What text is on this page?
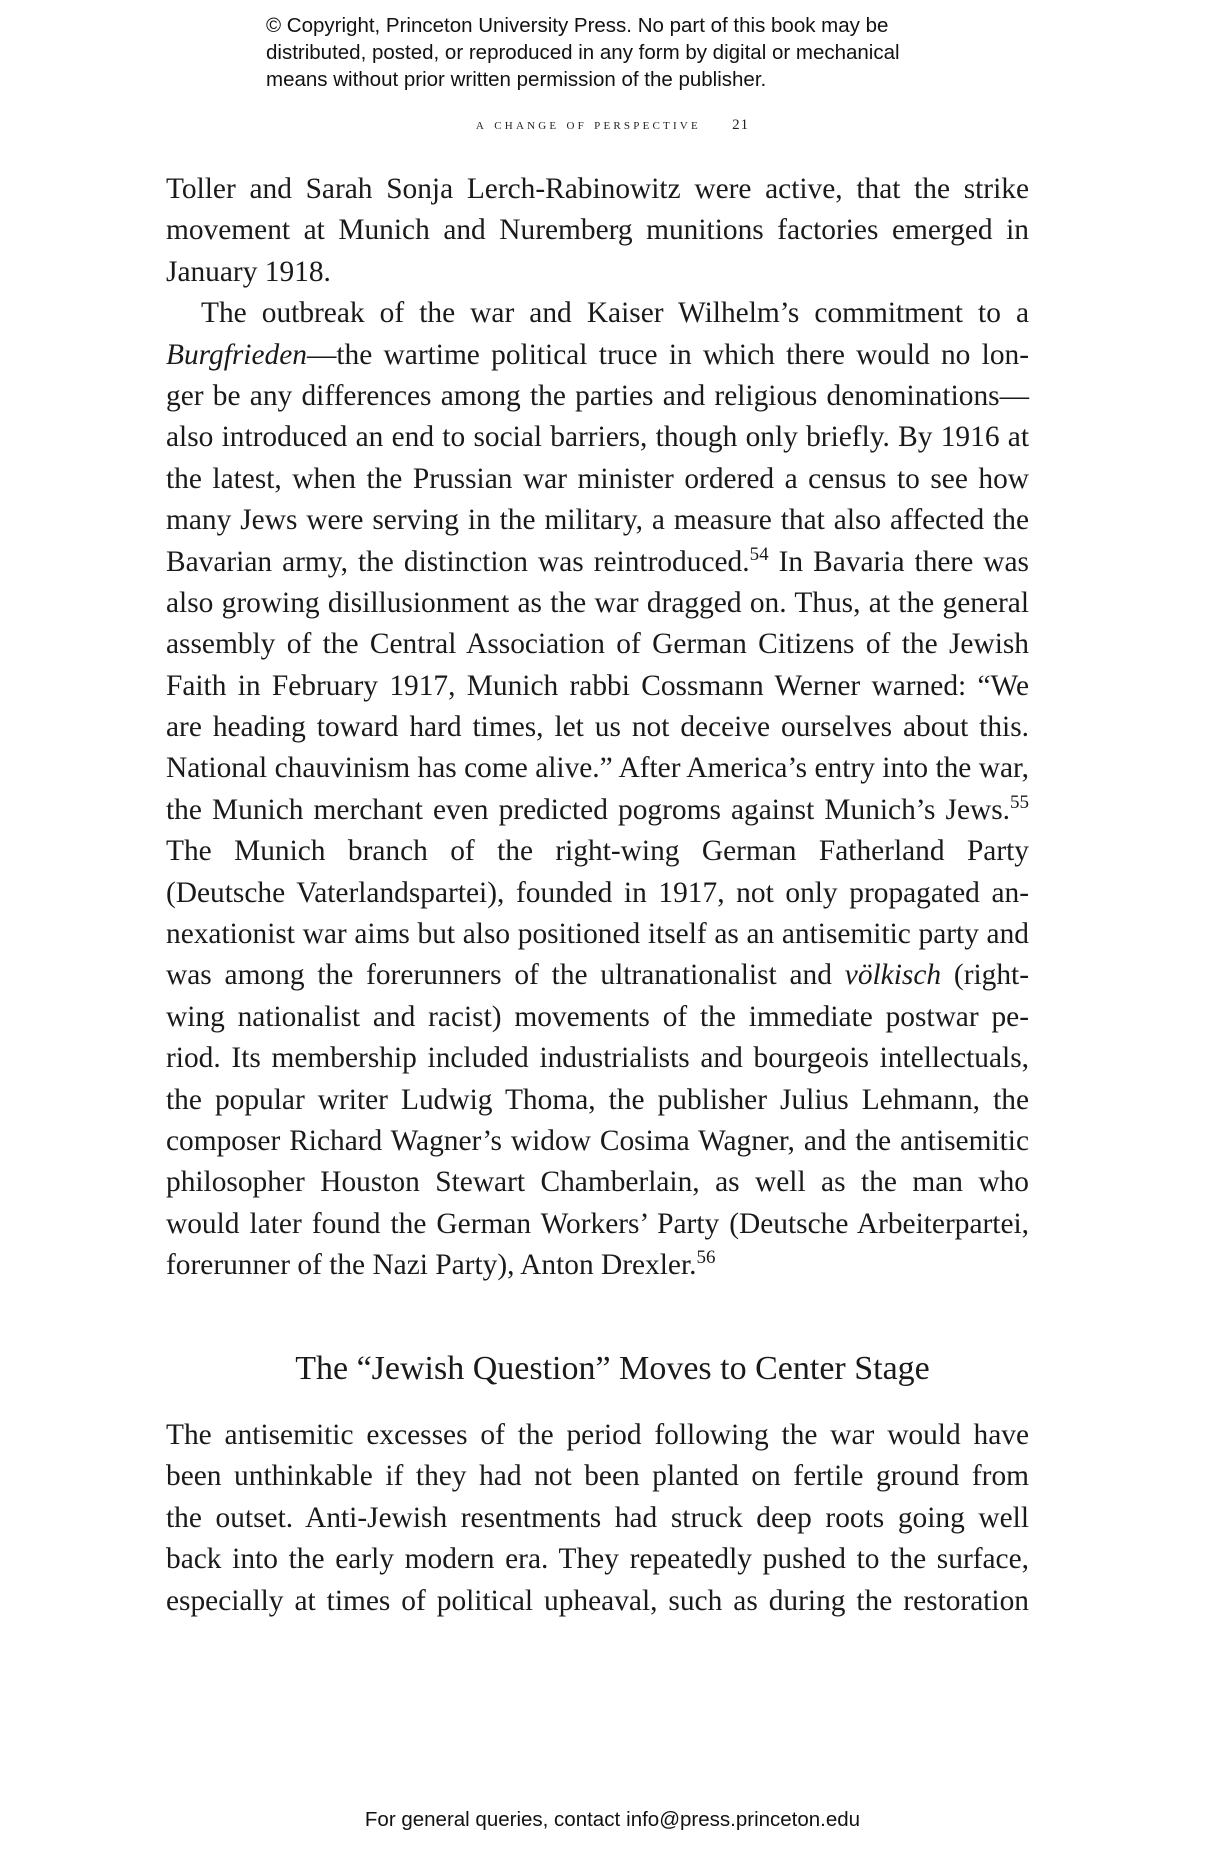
© Copyright, Princeton University Press. No part of this book may be
distributed, posted, or reproduced in any form by digital or mechanical
means without prior written permission of the publisher.
a change of perspective 21
Toller and Sarah Sonja Lerch-Rabinowitz were active, that the strike
movement at Munich and Nuremberg munitions factories emerged in
January 1918.
The outbreak of the war and Kaiser Wilhelm’s commitment to a
Burgfrieden—the wartime political truce in which there would no lon-
ger be any differences among the parties and religious denominations—
also introduced an end to social barriers, though only briefly. By 1916 at
the latest, when the Prussian war minister ordered a census to see how
many Jews were serving in the military, a measure that also affected the
Bavarian army, the distinction was reintroduced.$^{54}$ In Bavaria there was
also growing disillusionment as the war dragged on. Thus, at the general
assembly of the Central Association of German Citizens of the Jewish
Faith in February 1917, Munich rabbi Cossmann Werner warned: “We
are heading toward hard times, let us not deceive ourselves about this.
National chauvinism has come alive.” After America’s entry into the war,
the Munich merchant even predicted pogroms against Munich’s Jews.$^{55}$
The Munich branch of the right-wing German Fatherland Party
(Deutsche Vaterlandspartei), founded in 1917, not only propagated an-
nexationist war aims but also positioned itself as an antisemitic party and
was among the forerunners of the ultranationalist and völkisch (right-
wing nationalist and racist) movements of the immediate postwar pe-
riod. Its membership included industrialists and bourgeois intellectuals,
the popular writer Ludwig Thoma, the publisher Julius Lehmann, the
composer Richard Wagner’s widow Cosima Wagner, and the antisemitic
philosopher Houston Stewart Chamberlain, as well as the man who
would later found the German Workers’ Party (Deutsche Arbeiterpartei,
forerunner of the Nazi Party), Anton Drexler.$^{56}$
The “Jewish Question” Moves to Center Stage
The antisemitic excesses of the period following the war would have
been unthinkable if they had not been planted on fertile ground from
the outset. Anti-Jewish resentments had struck deep roots going well
back into the early modern era. They repeatedly pushed to the surface,
especially at times of political upheaval, such as during the restoration
For general queries, contact info@press.princeton.edu
